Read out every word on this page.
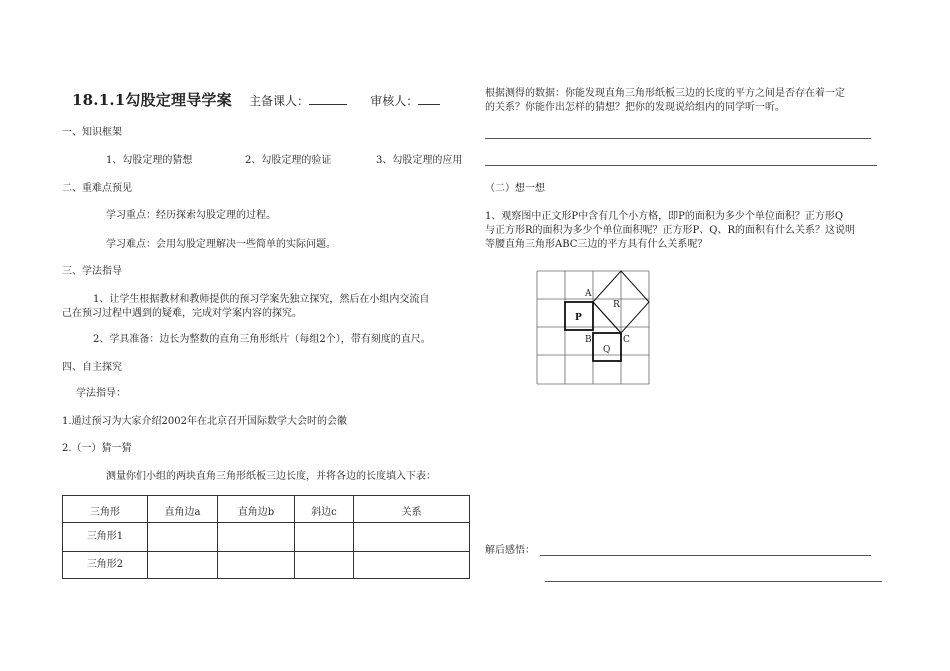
18.1.1勾股定理导学案 主备课人：	审核人：
一、知识框架
1、勾股定理的猜想	2、勾股定理的验证	3、勾股定理的应用
二、重难点预见
学习重点：经历探索勾股定理的过程。
学习难点：会用勾股定理解决一些简单的实际问题。
三、学法指导
1、让学生根据教材和教师提供的预习学案先独立探究，然后在小组内交流自
己在预习过程中遇到的疑难，完成对学案内容的探究。
2、学具准备：边长为整数的直角三角形纸片（每组2个），带有刻度的直尺。
四、自主探究
学法指导：
1.通过预习为大家介绍2002年在北京召开国际数学大会时的会徽
2.（一）猜一猜
测量你们小组的两块直角三角形纸板三边长度，并将各边的长度填入下表：
三角形	直角边a	直角边b	斜边c	关系
三角形1				
三角形2				
根据测得的数据：你能发现直角三角形纸板三边的长度的平方之间是否存在着一定
的关系？你能作出怎样的猜想？把你的发现说给组内的同学听一听。
（二）想一想
1、观察图中正文形P中含有几个小方格，即P的面积为多少个单位面积？正方形Q
与正方形R的面积为多少个单位面积呢？正方形P、Q、R的面积有什么关系？这说明
等腰直角三角形ABC三边的平方具有什么关系呢？
A
R
P
B	C
Q
解后感悟：
